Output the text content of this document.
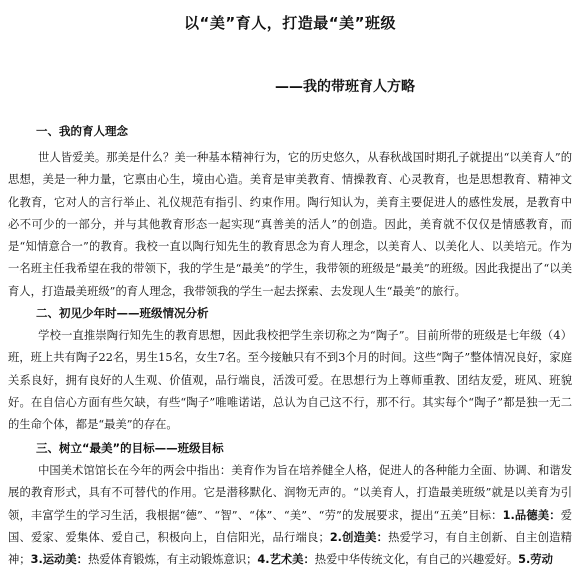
以“美”育人，打造最“美”班级
——我的带班育人方略
一、我的育人理念

世人皆爱美。那美是什么？美一种基本精神行为，它的历史悠久，从春秋战国时期孔子就提出“以美育人”的思想，美是一种力量，它禀由心生，境由心造。美育是审美教育、情操教育、心灵教育，也是思想教育、精神文化教育，它对人的言行举止、礼仪规范有指引、约束作用。陶行知认为，美育主要促进人的感性发展，是教育中必不可少的一部分，并与其他教育形态一起实现“真善美的活人”的创造。因此，美育就不仅仅是情感教育，而是“知情意合一”的教育。我校一直以陶行知先生的教育思念为育人理念，以美育人、以美化人、以美培元。作为一名班主任我希望在我的带领下，我的学生是“最美”的学生，我带领的班级是“最美”的班级。因此我提出了“以美育人，打造最美班级”的育人理念，我带领我的学生一起去探索、去发现人生“最美”的旅行。

二、初见少年时——班级情况分析

学校一直推崇陶行知先生的教育思想，因此我校把学生亲切称之为“陶子”。目前所带的班级是七年级（4）班，班上共有陶子22名，男生15名，女生7名。至今接触只有不到3个月的时间。这些“陶子”整体情况良好，家庭关系良好，拥有良好的人生观、价值观，品行端良，活泼可爱。在思想行为上尊师重教、团结友爱，班风、班貌好。在自信心方面有些欠缺，有些“陶子”唯唯诺诺，总认为自己这不行，那不行。其实每个“陶子”都是独一无二的生命个体，都是“最美”的存在。

三、树立“最美”的目标——班级目标

中国美术馆馆长在今年的两会中指出：美育作为旨在培养健全人格，促进人的各种能力全面、协调、和谐发展的教育形式，具有不可替代的作用。它是潜移默化、润物无声的。“以美育人，打造最美班级”就是以美育为引领，丰富学生的学习生活，我根据“德”、“智”、“体”、“美”、“劳”的发展要求，提出“五美”目标：1.品德美：爱国、爱家、爱集体、爱自己，积极向上，自信阳光，品行端良；2.创造美：热爱学习，有自主创新、自主创造精神；3.运动美：热爱体育锻炼，有主动锻炼意识；4.艺术美：热爱中华传统文化，有自己的兴趣爱好。5.劳动
